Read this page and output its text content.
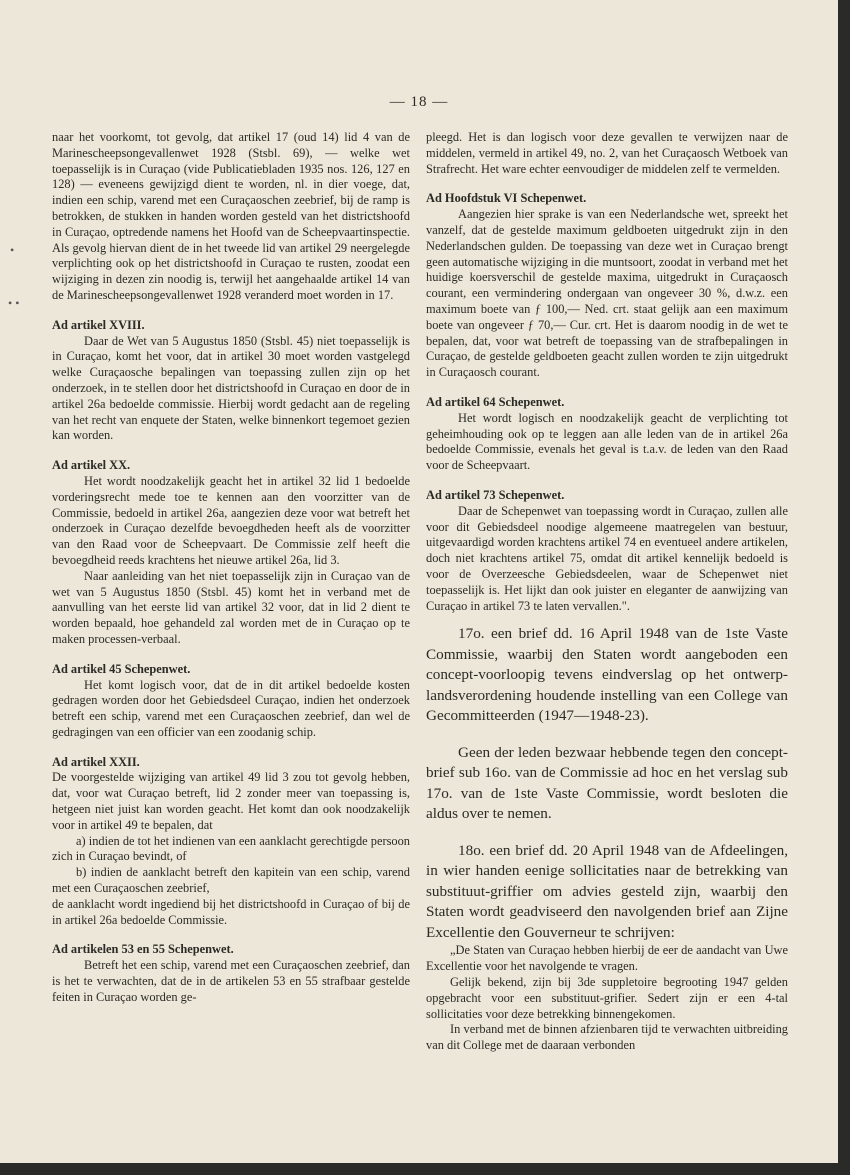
— 18 —

naar het voorkomt, tot gevolg, dat artikel 17 (oud 14) lid 4 van de Marinescheepsongevallenwet 1928 (Stsbl. 69), — welke wet toepasselijk is in Curaçao (vide Publicatiebladen 1935 nos. 126, 127 en 128) — eveneens gewijzigd dient te worden, nl. in dier voege, dat, indien een schip, varend met een Curaçaoschen zeebrief, bij de ramp is betrokken, de stukken in handen worden gesteld van het districtshoofd in Curaçao, optredende namens het Hoofd van de Scheepvaartinspectie. Als gevolg hiervan dient de in het tweede lid van artikel 29 neergelegde verplichting ook op het districtshoofd in Curaçao te rusten, zoodat een wijziging in dezen zin noodig is, terwijl het aangehaalde artikel 14 van de Marinescheepsongevallenwet 1928 veranderd moet worden in 17.

Ad artikel XVIII.

Daar de Wet van 5 Augustus 1850 (Stsbl. 45) niet toepasselijk is in Curaçao, komt het voor, dat in artikel 30 moet worden vastgelegd welke Curaçaosche bepalingen van toepassing zullen zijn op het onderzoek, in te stellen door het districtshoofd in Curaçao en door de in artikel 26a bedoelde commissie. Hierbij wordt gedacht aan de regeling van het recht van enquete der Staten, welke binnenkort tegemoet gezien kan worden.

Ad artikel XX.

Het wordt noodzakelijk geacht het in artikel 32 lid 1 bedoelde vorderingsrecht mede toe te kennen aan den voorzitter van de Commissie, bedoeld in artikel 26a, aangezien deze voor wat betreft het onderzoek in Curaçao dezelfde bevoegdheden heeft als de voorzitter van den Raad voor de Scheepvaart. De Commissie zelf heeft die bevoegdheid reeds krachtens het nieuwe artikel 26a, lid 3.

Naar aanleiding van het niet toepasselijk zijn in Curaçao van de wet van 5 Augustus 1850 (Stsbl. 45) komt het in verband met de aanvulling van het eerste lid van artikel 32 voor, dat in lid 2 dient te worden bepaald, hoe gehandeld zal worden met de in Curaçao op te maken processen-verbaal.

Ad artikel 45 Schepenwet.

Het komt logisch voor, dat de in dit artikel bedoelde kosten gedragen worden door het Gebiedsdeel Curaçao, indien het onderzoek betreft een schip, varend met een Curaçaoschen zeebrief, dan wel de gedragingen van een officier van een zoodanig schip.

Ad artikel XXII.

De voorgestelde wijziging van artikel 49 lid 3 zou tot gevolg hebben, dat, voor wat Curaçao betreft, lid 2 zonder meer van toepassing is, hetgeen niet juist kan worden geacht. Het komt dan ook noodzakelijk voor in artikel 49 te bepalen, dat

a) indien de tot het indienen van een aanklacht gerechtigde persoon zich in Curaçao bevindt, of

b) indien de aanklacht betreft den kapitein van een schip, varend met een Curaçaoschen zeebrief,

de aanklacht wordt ingediend bij het districtshoofd in Curaçao of bij de in artikel 26a bedoelde Commissie.

Ad artikelen 53 en 55 Schepenwet.

Betreft het een schip, varend met een Curaçaoschen zeebrief, dan is het te verwachten, dat de in de artikelen 53 en 55 strafbaar gestelde feiten in Curaçao worden ge-

pleegd. Het is dan logisch voor deze gevallen te verwijzen naar de middelen, vermeld in artikel 49, no. 2, van het Curaçaosch Wetboek van Strafrecht. Het ware echter eenvoudiger de middelen zelf te vermelden.

Ad Hoofdstuk VI Schepenwet.

Aangezien hier sprake is van een Nederlandsche wet, spreekt het vanzelf, dat de gestelde maximum geldboeten uitgedrukt zijn in den Nederlandschen gulden. De toepassing van deze wet in Curaçao brengt geen automatische wijziging in die muntsoort, zoodat in verband met het huidige koersverschil de gestelde maxima, uitgedrukt in Curaçaosch courant, een vermindering ondergaan van ongeveer 30 %, d.w.z. een maximum boete van ƒ 100,— Ned. crt. staat gelijk aan een maximum boete van ongeveer ƒ 70,— Cur. crt. Het is daarom noodig in de wet te bepalen, dat, voor wat betreft de toepassing van de strafbepalingen in Curaçao, de gestelde geldboeten geacht zullen worden te zijn uitgedrukt in Curaçaosch courant.

Ad artikel 64 Schepenwet.

Het wordt logisch en noodzakelijk geacht de verplichting tot geheimhouding ook op te leggen aan alle leden van de in artikel 26a bedoelde Commissie, evenals het geval is t.a.v. de leden van den Raad voor de Scheepvaart.

Ad artikel 73 Schepenwet.

Daar de Schepenwet van toepassing wordt in Curaçao, zullen alle voor dit Gebiedsdeel noodige algemeene maatregelen van bestuur, uitgevaardigd worden krachtens artikel 74 en eventueel andere artikelen, doch niet krachtens artikel 75, omdat dit artikel kennelijk bedoeld is voor de Overzeesche Gebiedsdeelen, waar de Schepenwet niet toepasselijk is. Het lijkt dan ook juister en eleganter de aanwijzing van Curaçao in artikel 73 te laten vervallen.".

17o. een brief dd. 16 April 1948 van de 1ste Vaste Commissie, waarbij den Staten wordt aangeboden een concept-voorloopig tevens eindverslag op het ontwerp-landsverordening houdende instelling van een College van Gecommitteerden (1947—1948-23).

Geen der leden bezwaar hebbende tegen den concept-brief sub 16o. van de Commissie ad hoc en het verslag sub 17o. van de 1ste Vaste Commissie, wordt besloten die aldus over te nemen.

18o. een brief dd. 20 April 1948 van de Afdeelingen, in wier handen eenige sollicitaties naar de betrekking van substituut-griffier om advies gesteld zijn, waarbij den Staten wordt geadviseerd den navolgenden brief aan Zijne Excellentie den Gouverneur te schrijven:

„De Staten van Curaçao hebben hierbij de eer de aandacht van Uwe Excellentie voor het navolgende te vragen.

Gelijk bekend, zijn bij 3de suppletoire begrooting 1947 gelden opgebracht voor een substituut-grifier. Sedert zijn er een 4-tal sollicitaties voor deze betrekking binnengekomen.

In verband met de binnen afzienbaren tijd te verwachten uitbreiding van dit College met de daaraan verbonden

•
• •
